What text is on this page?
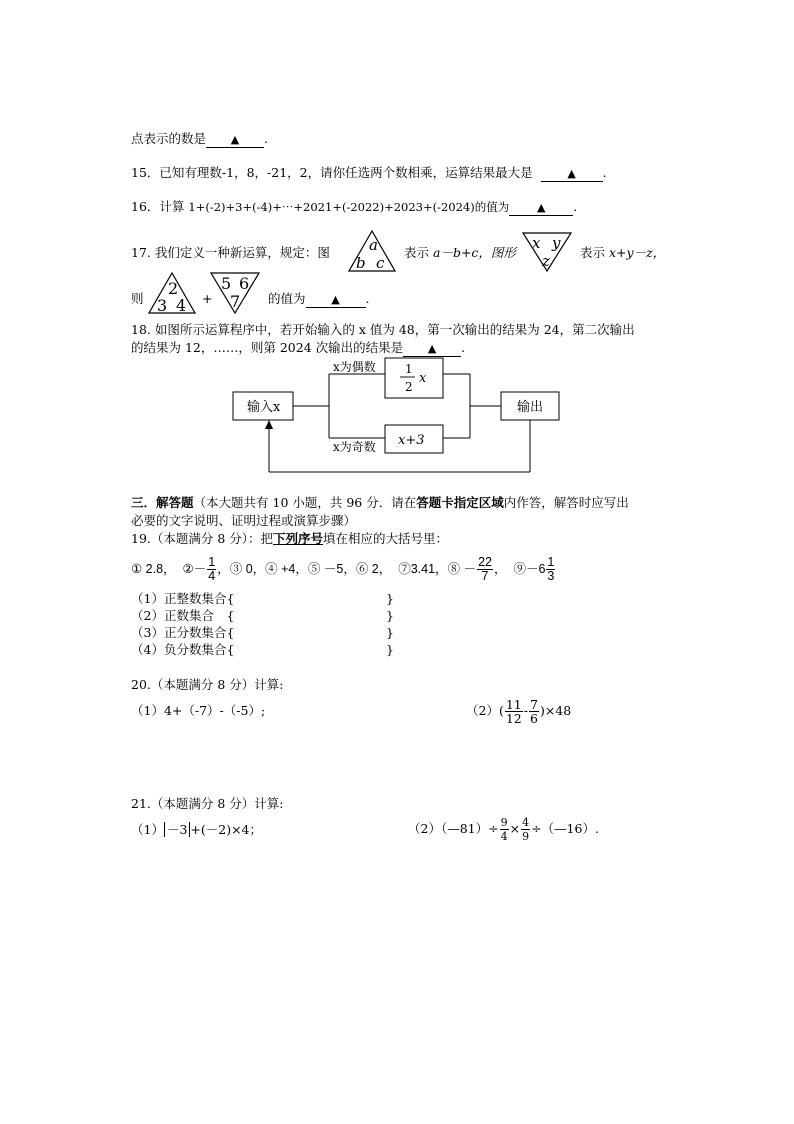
点表示的数是 ▲ .
15．已知有理数-1，8，-21，2，请你任选两个数相乘，运算结果最大是	▲ .
16．计算 1+(-2)+3+(-4)+⋯+2021+(-2022)+2023+(-2024)的值为	▲ .
17. 我们定义一种新运算，规定：图	a
b c
表示 a－b+c，图形
x y
z 表示 x+y－z，
则
2
3 4 +
5 6
7 的值为 ▲ .
18. 如图所示运算程序中，若开始输入的 x 值为 48，第一次输出的结果为 24，第二次输出
的结果为 12，……，则第 2024 次输出的结果是 ▲ .
输入x	输出
1
2
x
x+3
x为偶数
x为奇数
三．解答题（本大题共有 10 小题，共 96 分．请在答题卡指定区域内作答，解答时应写出
必要的文字说明、证明过程或演算步骤）
19.（本题满分 8 分）：把下列序号填在相应的大括号里：
① 2.8， ②－ $\frac{1}{4}$ ，③ 0，④ +4，⑤ －5，⑥ 2， ⑦3.41，⑧ － $\frac{22}{7}$ ， ⑨－6 $\frac{1}{3}$
（1）正整数集合{	}
（2）正数集合　{	}
（3）正分数集合{	}
（4）负分数集合{	}
20.（本题满分 8 分）计算:
（1）4+（-7）-（-5）;	$(2)( \frac{11}{12} - \frac{7}{6} )\times 48$
21.（本题满分 8 分）计算:
（1） －3 +(－2)×4；	（2）（—81）÷ $\frac{9}{4} \times \frac{4}{9}$ ÷（—16）.
